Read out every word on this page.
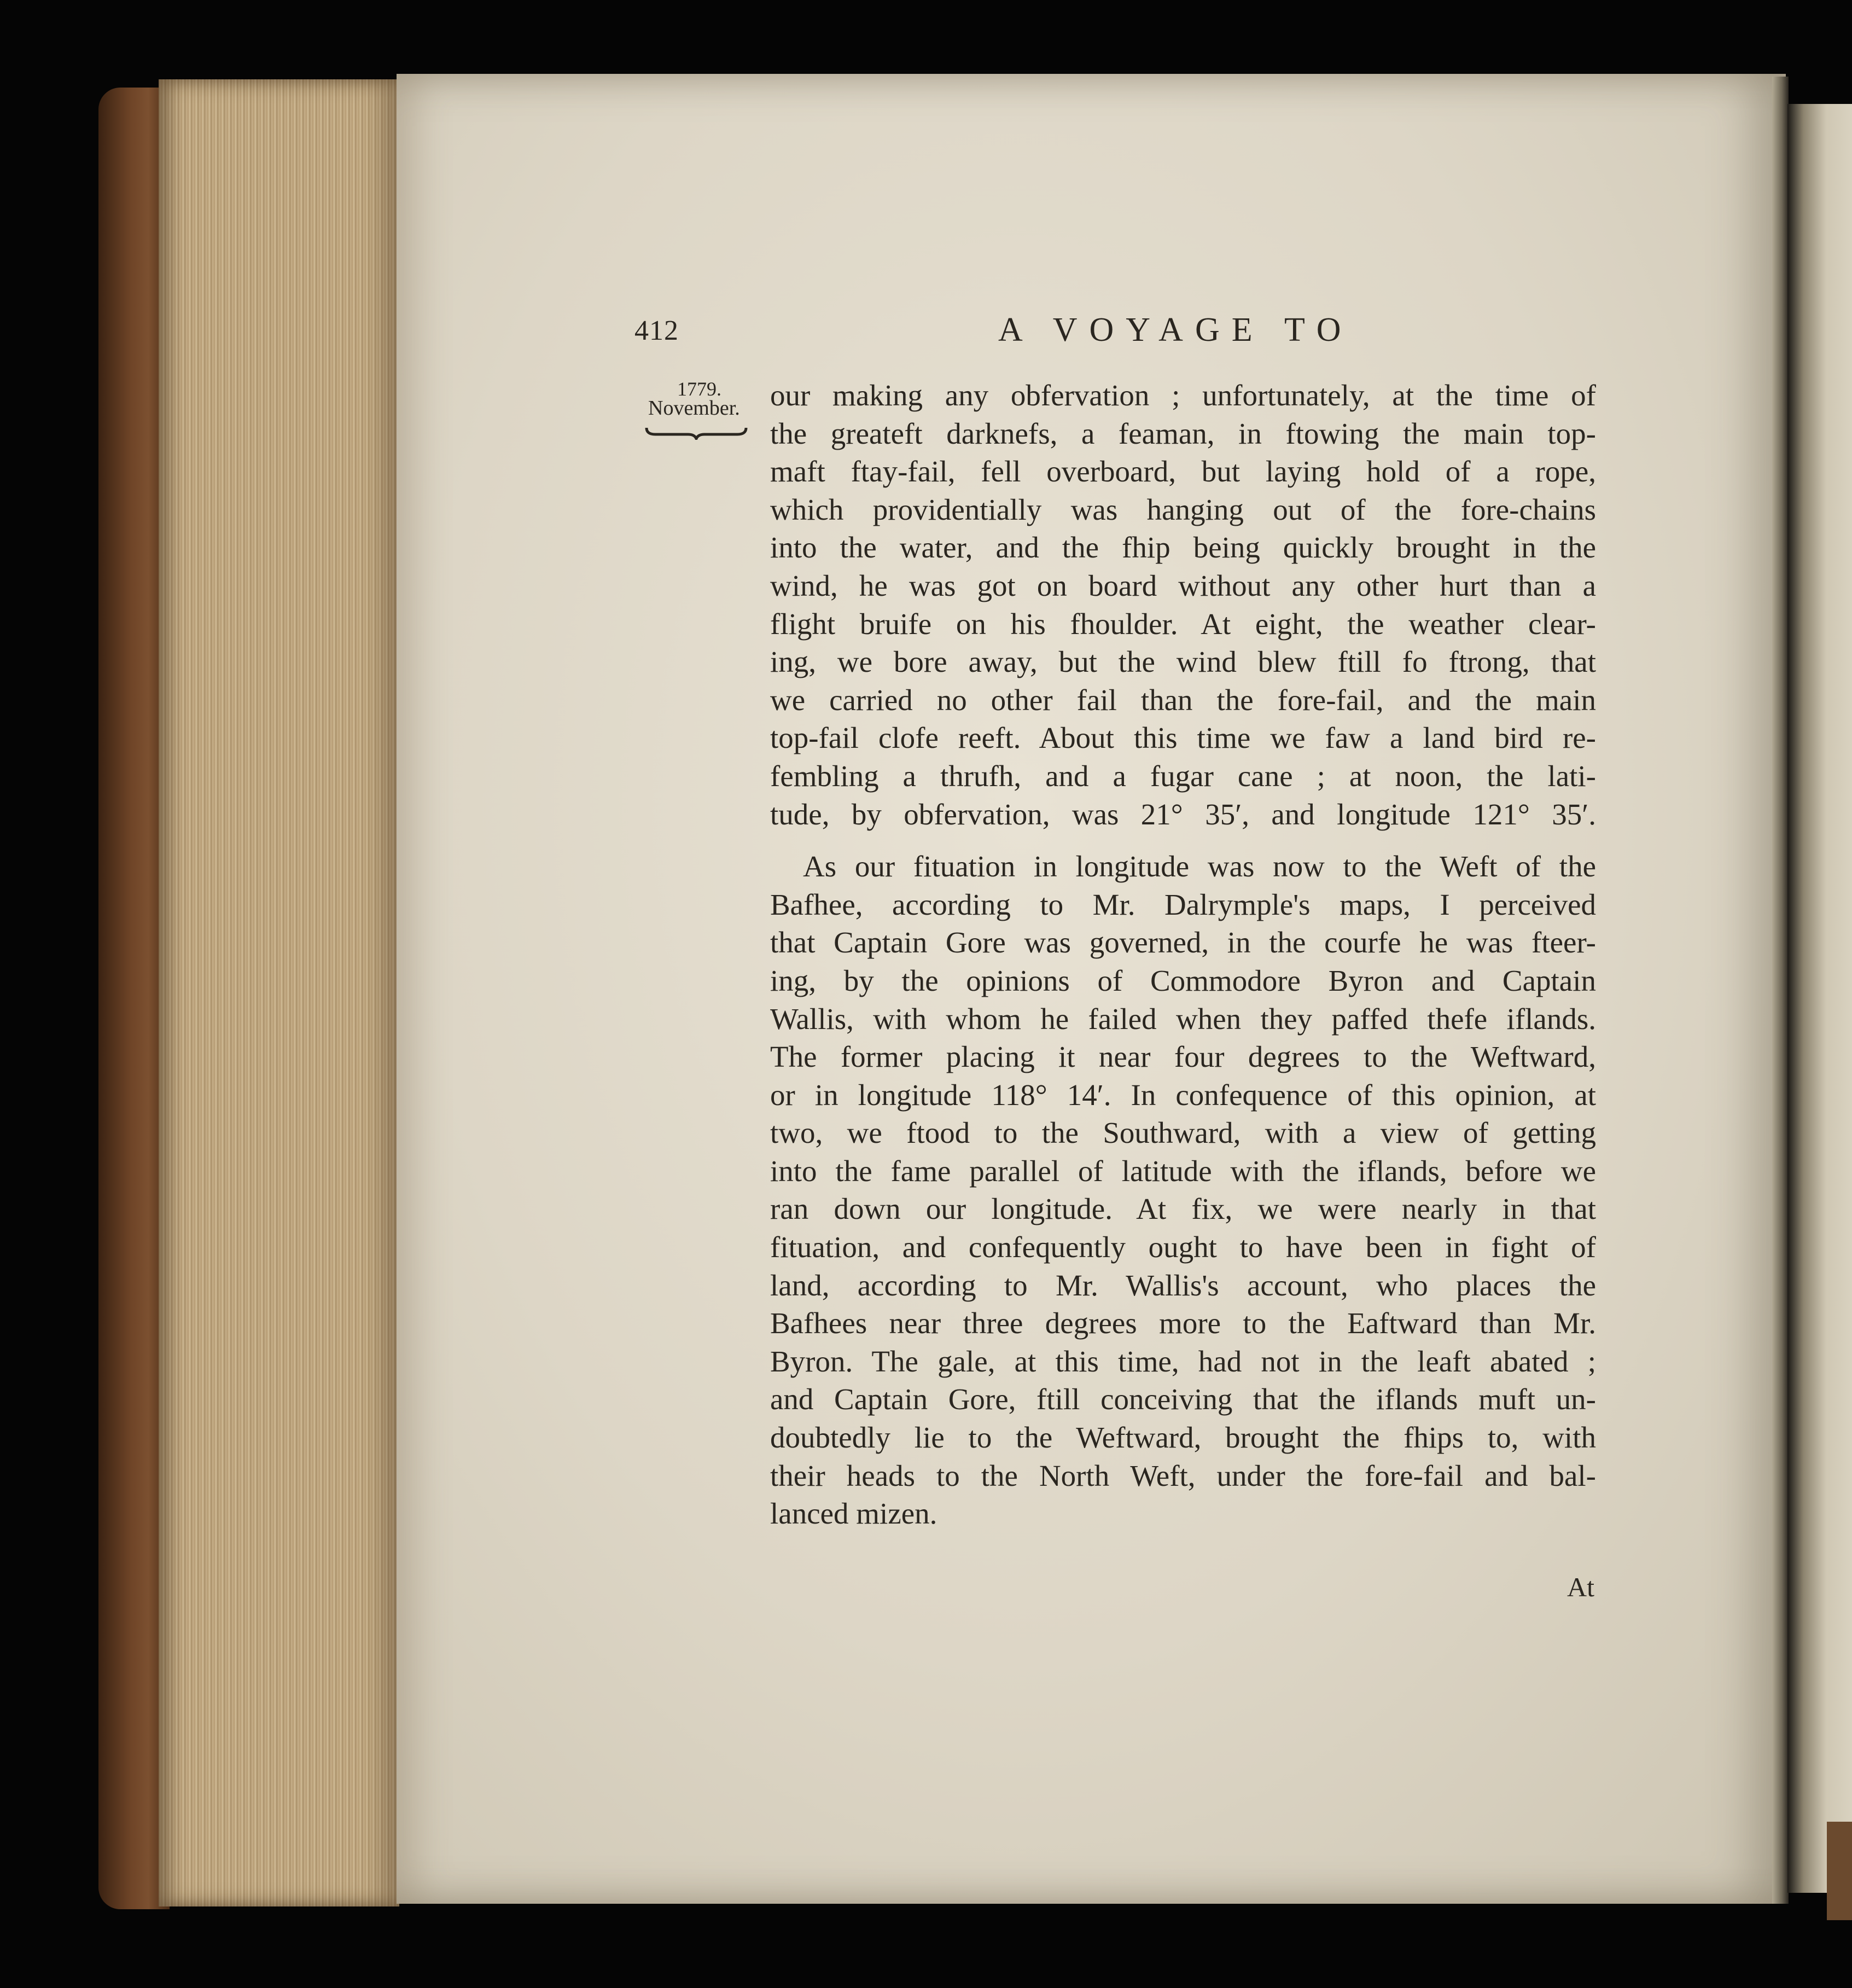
412	A VOYAGE TO
1779.
November. our making any obfervation ; unfortunately, at the time of
the greateft darknefs, a feaman, in ftowing the main top-
maft ftay-fail, fell overboard, but laying hold of a rope,
which providentially was hanging out of the fore-chains
into the water, and the fhip being quickly brought in the
wind, he was got on board without any other hurt than a
flight bruife on his fhoulder. At eight, the weather clear-
ing, we bore away, but the wind blew ftill fo ftrong, that
we carried no other fail than the fore-fail, and the main
top-fail clofe reeft. About this time we faw a land bird re-
fembling a thrufh, and a fugar cane ; at noon, the lati-
tude, by obfervation, was 21° 35′, and longitude 121° 35′.
As our fituation in longitude was now to the Weft of the
Bafhee, according to Mr. Dalrymple's maps, I perceived
that Captain Gore was governed, in the courfe he was fteer-
ing, by the opinions of Commodore Byron and Captain
Wallis, with whom he failed when they paffed thefe iflands.
The former placing it near four degrees to the Weftward,
or in longitude 118° 14′. In confequence of this opinion, at
two, we ftood to the Southward, with a view of getting
into the fame parallel of latitude with the iflands, before we
ran down our longitude. At fix, we were nearly in that
fituation, and confequently ought to have been in fight of
land, according to Mr. Wallis's account, who places the
Bafhees near three degrees more to the Eaftward than Mr.
Byron. The gale, at this time, had not in the leaft abated ;
and Captain Gore, ftill conceiving that the iflands muft un-
doubtedly lie to the Weftward, brought the fhips to, with
their heads to the North Weft, under the fore-fail and bal-
lanced mizen.
At
